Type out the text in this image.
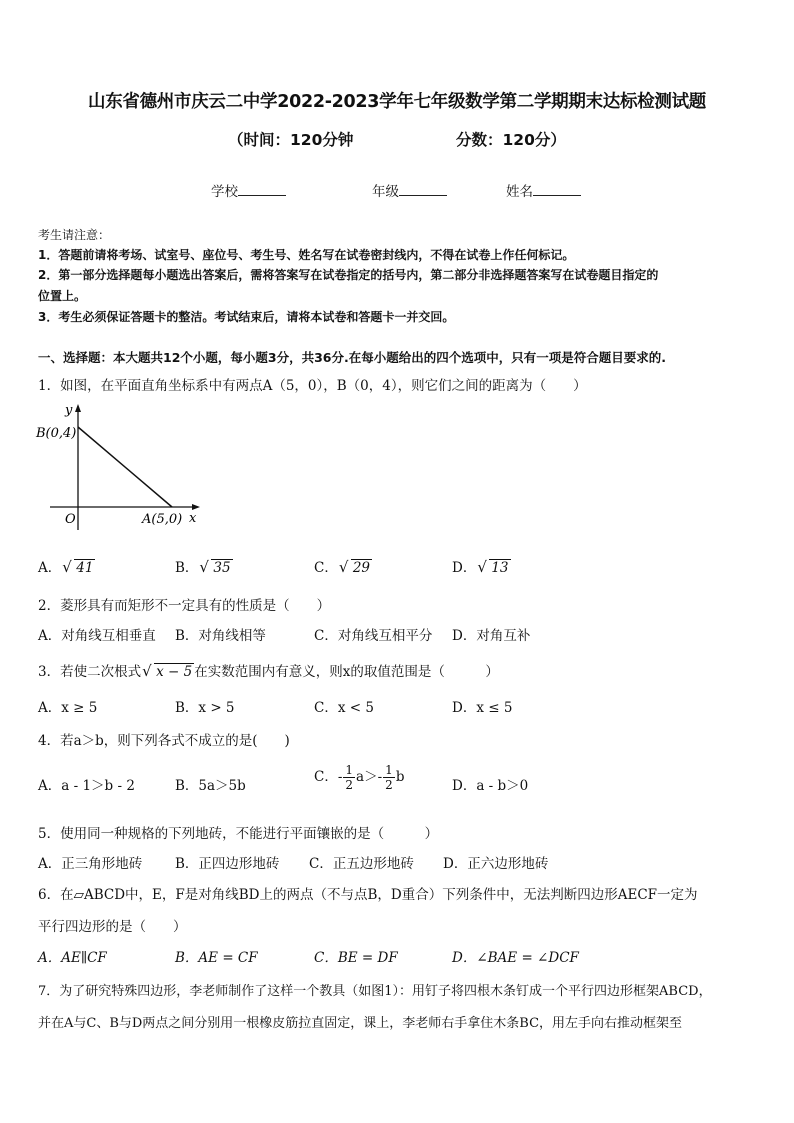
山东省德州市庆云二中学2022-2023学年七年级数学第二学期期末达标检测试题
（时间：120分钟	分数：120分）
学校	年级	姓名
考生请注意：
1．答题前请将考场、试室号、座位号、考生号、姓名写在试卷密封线内，不得在试卷上作任何标记。
2．第一部分选择题每小题选出答案后，需将答案写在试卷指定的括号内，第二部分非选择题答案写在试卷题目指定的
位置上。
3．考生必须保证答题卡的整洁。考试结束后，请将本试卷和答题卡一并交回。
一、选择题：本大题共12个小题，每小题3分，共36分.在每小题给出的四个选项中，只有一项是符合题目要求的.
1．如图，在平面直角坐标系中有两点A（5，0），B（0，4），则它们之间的距离为（　　）
y
x
O
B(0,4)
A(5,0)
A． √ 41	B． √ 35	C． √ 29	D． √ 13
2．菱形具有而矩形不一定具有的性质是（　　）
A．对角线互相垂直 B．对角线相等	C．对角线互相平分 D．对角互补
3．若使二次根式 √ x − 5 在实数范围内有意义，则x的取值范围是（　　　）
A．x ≥ 5	B．x > 5	C．x < 5	D．x ≤ 5
4．若a＞b，则下列各式不成立的是(　　)
A．a - 1＞b - 2	B．5a＞5b
C．- $\frac{1}{2} a>- \frac{1}{2}$ b
D．a - b＞0
5．使用同一种规格的下列地砖，不能进行平面镶嵌的是（　　　）
A．正三角形地砖 B．正四边形地砖 C．正五边形地砖 D．正六边形地砖
6．在▱ABCD中，E，F是对角线BD上的两点（不与点B，D重合）下列条件中，无法判断四边形AECF一定为
平行四边形的是（　　）
A．AE∥CF	B．AE = CF	C．BE = DF	D．∠BAE = ∠DCF
7．为了研究特殊四边形，李老师制作了这样一个教具（如图1）：用钉子将四根木条钉成一个平行四边形框架ABCD，
并在A与C、B与D两点之间分别用一根橡皮筋拉直固定，课上，李老师右手拿住木条BC，用左手向右推动框架至
